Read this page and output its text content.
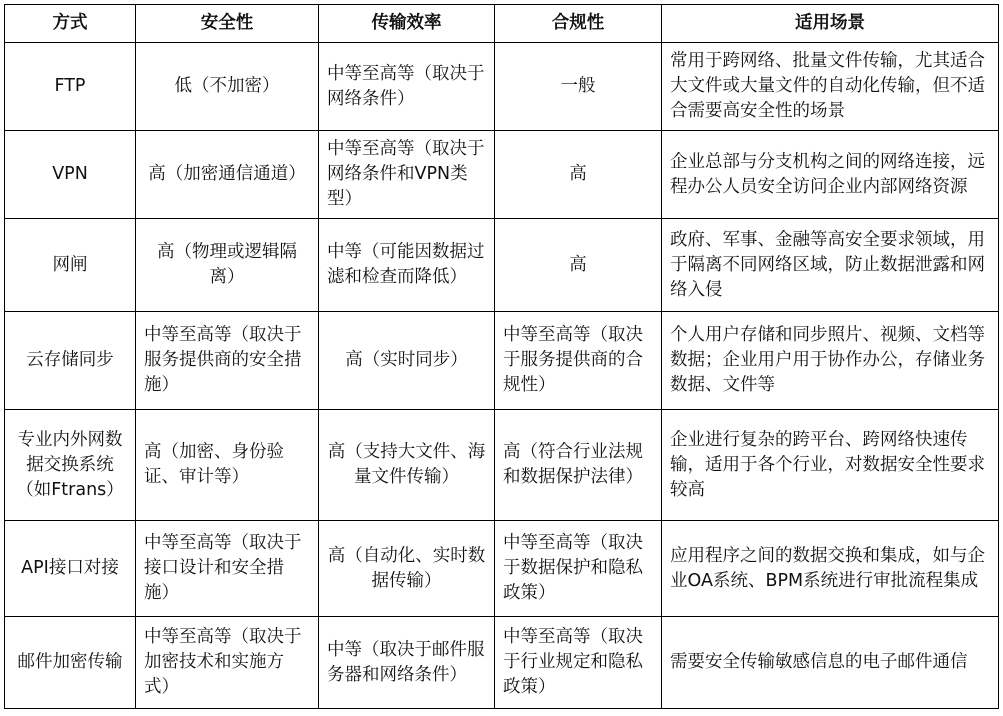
方式	安全性	传输效率	合规性	适用场景
FTP	低（不加密）	中等至高等（取决于网络条件）	一般	常用于跨网络、批量文件传输，尤其适合大文件或大量文件的自动化传输，但不适合需要高安全性的场景
VPN	高（加密通信通道）	中等至高等（取决于网络条件和VPN类型）	高	企业总部与分支机构之间的网络连接，远程办公人员安全访问企业内部网络资源
网闸	高（物理或逻辑隔离）	中等（可能因数据过滤和检查而降低）	高	政府、军事、金融等高安全要求领域，用于隔离不同网络区域，防止数据泄露和网络入侵
云存储同步	中等至高等（取决于服务提供商的安全措施）	高（实时同步）	中等至高等（取决于服务提供商的合规性）	个人用户存储和同步照片、视频、文档等数据；企业用户用于协作办公，存储业务数据、文件等
专业内外网数据交换系统（如Ftrans）	高（加密、身份验证、审计等）	高（支持大文件、海量文件传输）	高（符合行业法规和数据保护法律）	企业进行复杂的跨平台、跨网络快速传输，适用于各个行业，对数据安全性要求较高
API接口对接	中等至高等（取决于接口设计和安全措施）	高（自动化、实时数据传输）	中等至高等（取决于数据保护和隐私政策）	应用程序之间的数据交换和集成，如与企业OA系统、BPM系统进行审批流程集成
邮件加密传输	中等至高等（取决于加密技术和实施方式）	中等（取决于邮件服务器和网络条件）	中等至高等（取决于行业规定和隐私政策）	需要安全传输敏感信息的电子邮件通信
